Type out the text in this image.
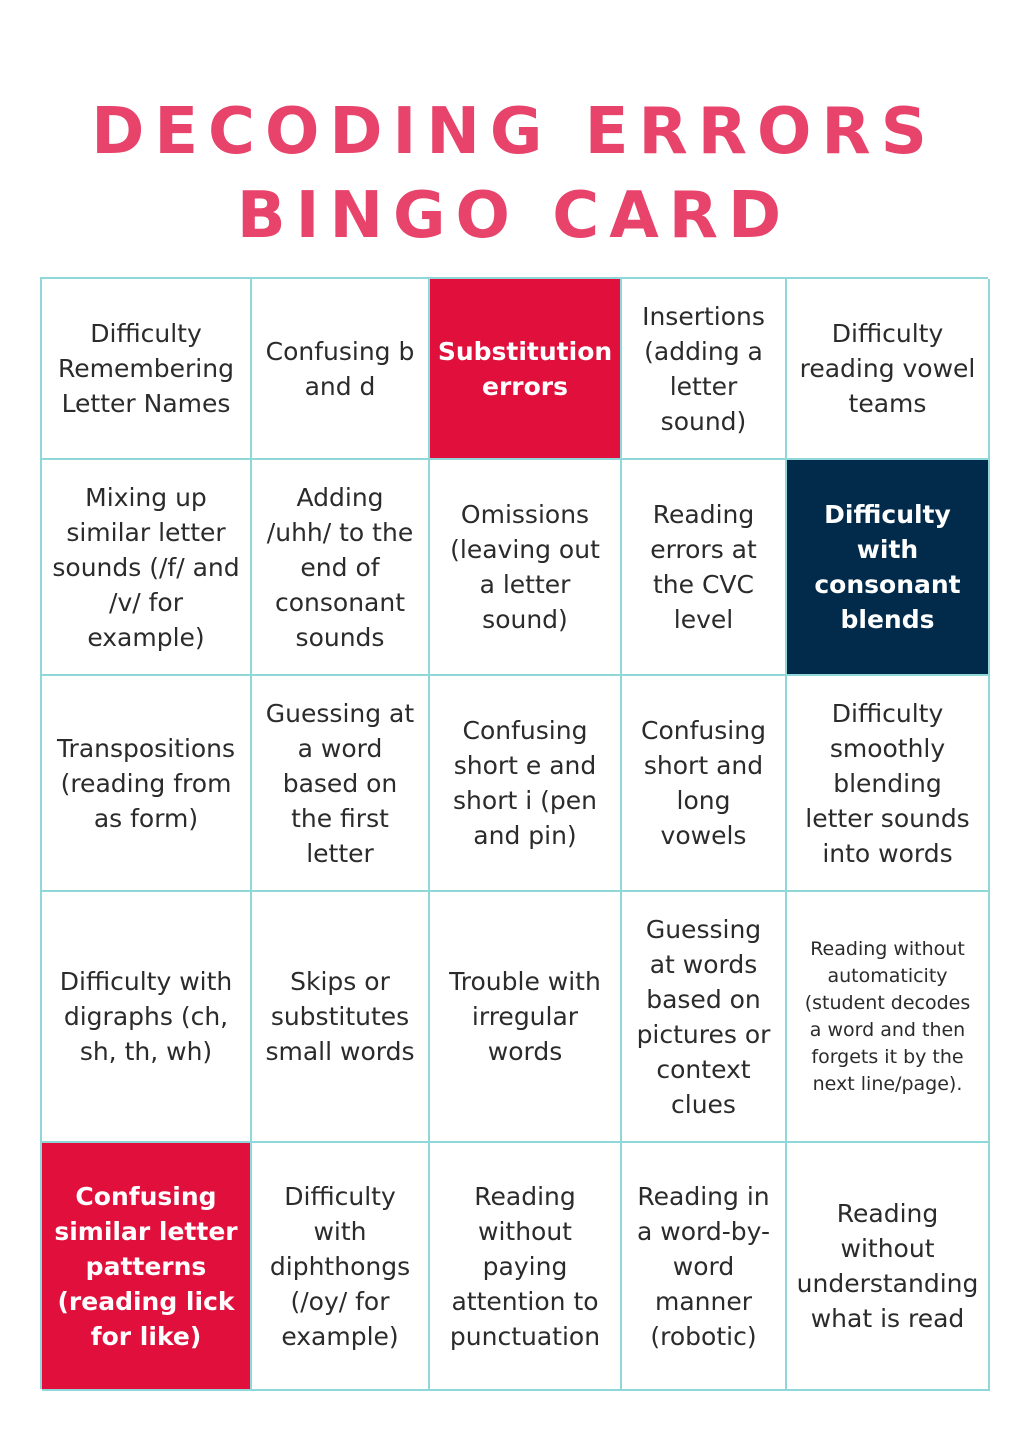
DECODING ERRORS
BINGO CARD
Difficulty Remembering Letter Names
Confusing b and d
Substitution errors
Insertions (adding a letter sound)
Difficulty reading vowel teams
Mixing up similar letter sounds (/f/ and /v/ for example)
Adding /uhh/ to the end of consonant sounds
Omissions (leaving out a letter sound)
Reading errors at the CVC level
Difficulty with consonant blends
Transpositions (reading from as form)
Guessing at a word based on the first letter
Confusing short e and short i (pen and pin)
Confusing short and long vowels
Difficulty smoothly blending letter sounds into words
Difficulty with digraphs (ch, sh, th, wh)
Skips or substitutes small words
Trouble with irregular words
Guessing at words based on pictures or context clues
Reading without automaticity (student decodes a word and then forgets it by the next line/page).
Confusing similar letter patterns (reading lick for like)
Difficulty with diphthongs (/oy/ for example)
Reading without paying attention to punctuation
Reading in a word-by-word manner (robotic)
Reading without understanding what is read
